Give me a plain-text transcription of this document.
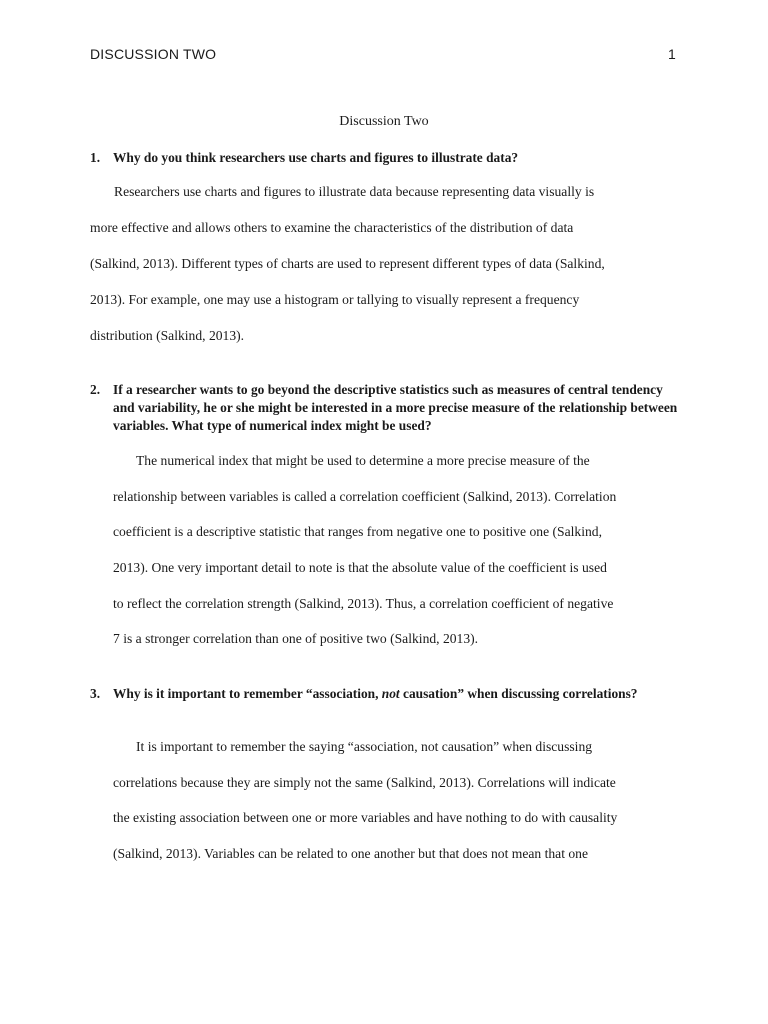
DISCUSSION TWO	1
Discussion Two
1. Why do you think researchers use charts and figures to illustrate data?
Researchers use charts and figures to illustrate data because representing data visually is
more effective and allows others to examine the characteristics of the distribution of data
(Salkind, 2013). Different types of charts are used to represent different types of data (Salkind,
2013). For example, one may use a histogram or tallying to visually represent a frequency
distribution (Salkind, 2013).
2. If a researcher wants to go beyond the descriptive statistics such as measures of central tendency and variability, he or she might be interested in a more precise measure of the relationship between variables. What type of numerical index might be used?
The numerical index that might be used to determine a more precise measure of the
relationship between variables is called a correlation coefficient (Salkind, 2013). Correlation
coefficient is a descriptive statistic that ranges from negative one to positive one (Salkind,
2013). One very important detail to note is that the absolute value of the coefficient is used
to reflect the correlation strength (Salkind, 2013). Thus, a correlation coefficient of negative
7 is a stronger correlation than one of positive two (Salkind, 2013).
3. Why is it important to remember “association, not causation” when discussing correlations?
It is important to remember the saying “association, not causation” when discussing
correlations because they are simply not the same (Salkind, 2013). Correlations will indicate
the existing association between one or more variables and have nothing to do with causality
(Salkind, 2013). Variables can be related to one another but that does not mean that one
